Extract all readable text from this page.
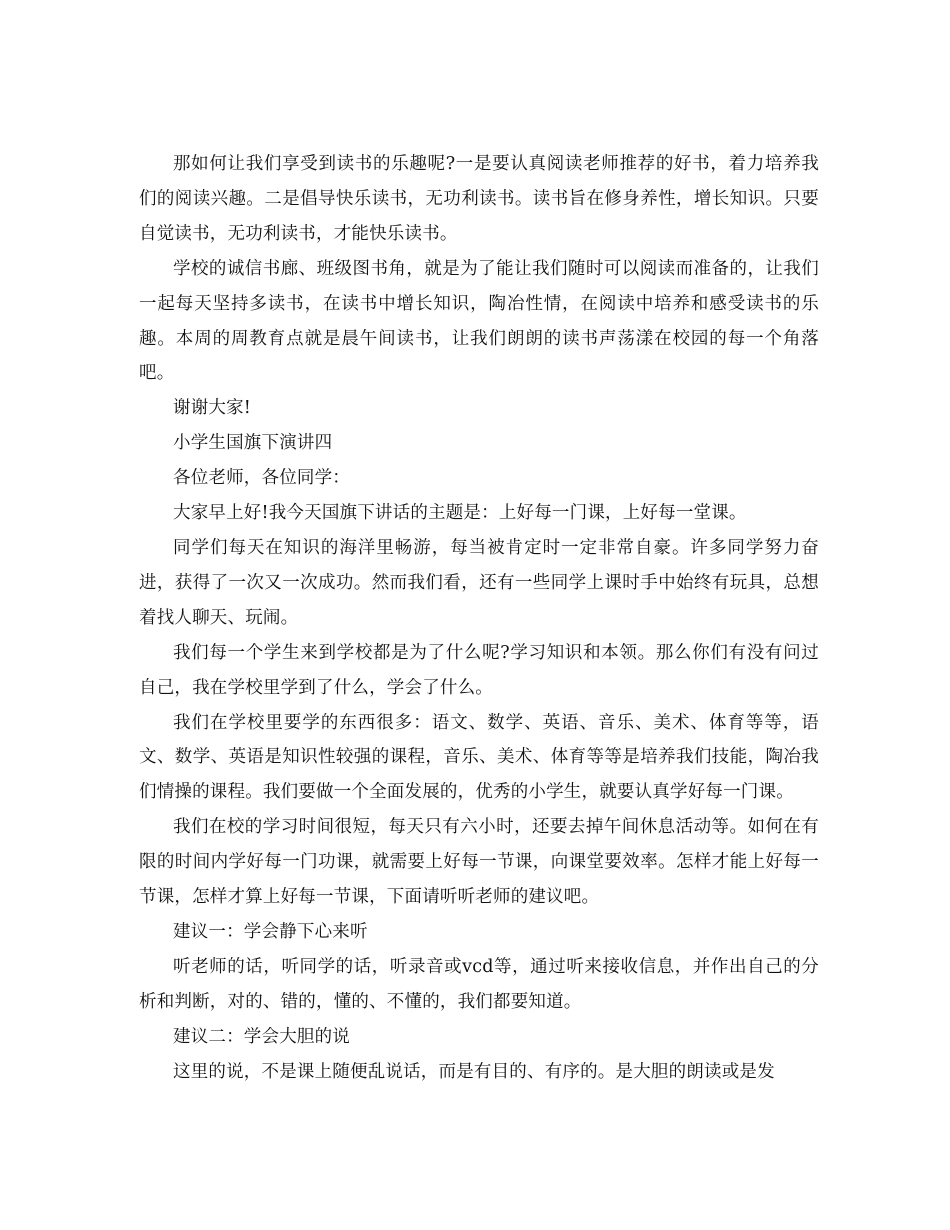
那如何让我们享受到读书的乐趣呢?一是要认真阅读老师推荐的好书，着力培养我们的阅读兴趣。二是倡导快乐读书，无功利读书。读书旨在修身养性，增长知识。只要自觉读书，无功利读书，才能快乐读书。

学校的诚信书廊、班级图书角，就是为了能让我们随时可以阅读而准备的，让我们一起每天坚持多读书，在读书中增长知识，陶冶性情，在阅读中培养和感受读书的乐趣。本周的周教育点就是晨午间读书，让我们朗朗的读书声荡漾在校园的每一个角落吧。

谢谢大家!

小学生国旗下演讲四

各位老师，各位同学：

大家早上好!我今天国旗下讲话的主题是：上好每一门课，上好每一堂课。

同学们每天在知识的海洋里畅游，每当被肯定时一定非常自豪。许多同学努力奋进，获得了一次又一次成功。然而我们看，还有一些同学上课时手中始终有玩具，总想着找人聊天、玩闹。

我们每一个学生来到学校都是为了什么呢?学习知识和本领。那么你们有没有问过自己，我在学校里学到了什么，学会了什么。

我们在学校里要学的东西很多：语文、数学、英语、音乐、美术、体育等等，语文、数学、英语是知识性较强的课程，音乐、美术、体育等等是培养我们技能，陶冶我们情操的课程。我们要做一个全面发展的，优秀的小学生，就要认真学好每一门课。

我们在校的学习时间很短，每天只有六小时，还要去掉午间休息活动等。如何在有限的时间内学好每一门功课，就需要上好每一节课，向课堂要效率。怎样才能上好每一节课，怎样才算上好每一节课，下面请听听老师的建议吧。

建议一：学会静下心来听

听老师的话，听同学的话，听录音或vcd等，通过听来接收信息，并作出自己的分析和判断，对的、错的，懂的、不懂的，我们都要知道。

建议二：学会大胆的说

这里的说，不是课上随便乱说话，而是有目的、有序的。是大胆的朗读或是发
